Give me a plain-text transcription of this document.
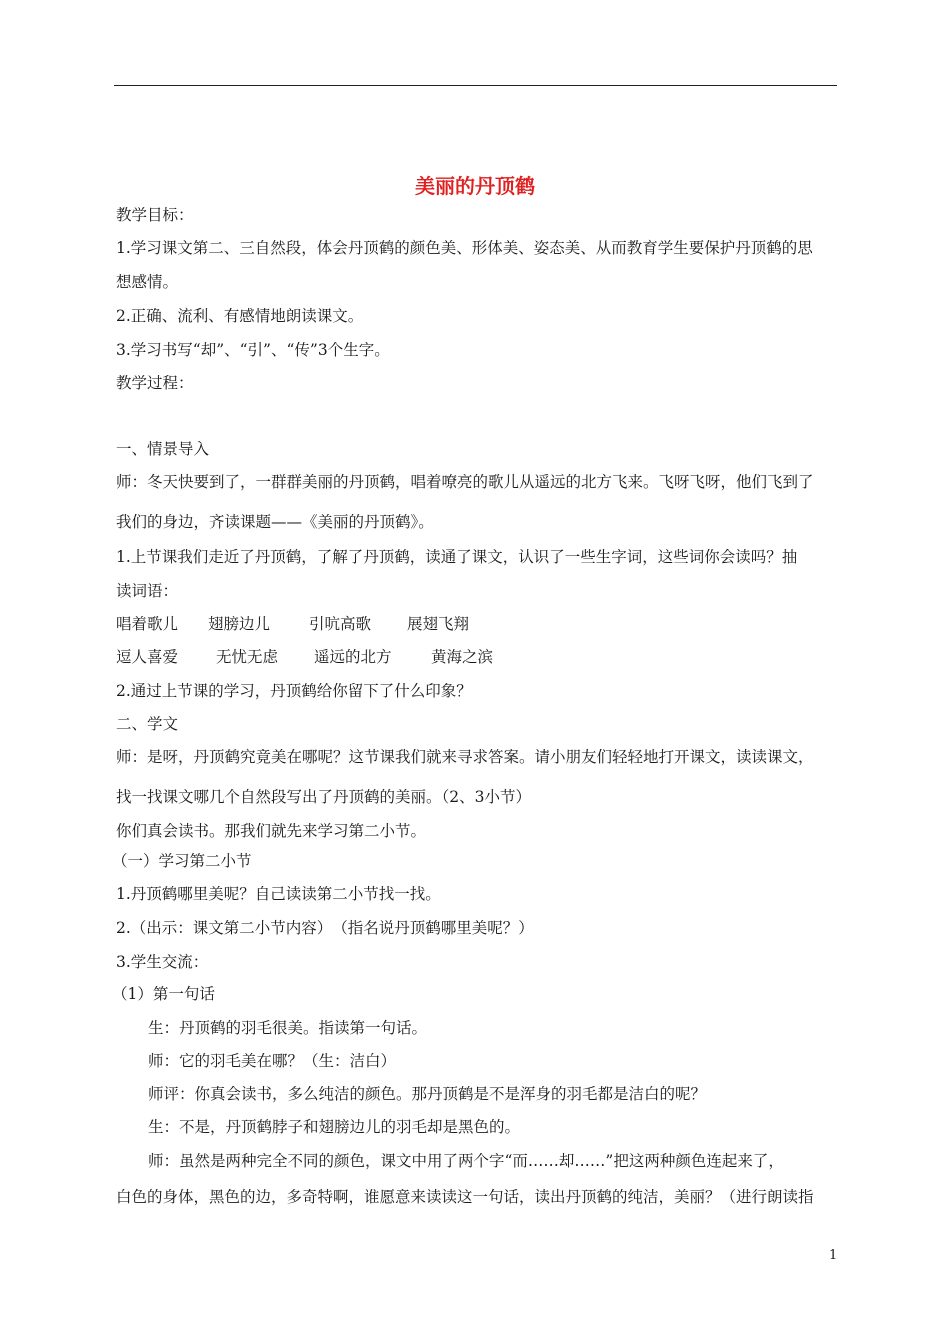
美丽的丹顶鹤
教学目标：
1.学习课文第二、三自然段，体会丹顶鹤的颜色美、形体美、姿态美、从而教育学生要保护丹顶鹤的思
想感情。
2.正确、流利、有感情地朗读课文。
3.学习书写“却”、“引”、“传”3个生字。
教学过程：
一、情景导入
师：冬天快要到了，一群群美丽的丹顶鹤，唱着嘹亮的歌儿从遥远的北方飞来。飞呀飞呀，他们飞到了
我们的身边，齐读课题——《美丽的丹顶鹤》。
1.上节课我们走近了丹顶鹤，了解了丹顶鹤，读通了课文，认识了一些生字词，这些词你会读吗？抽
读词语：
唱着歌儿 翅膀边儿	引吭高歌 展翅飞翔
逗人喜爱 无忧无虑 遥远的北方	黄海之滨
2.通过上节课的学习，丹顶鹤给你留下了什么印象？
二、学文
师：是呀，丹顶鹤究竟美在哪呢？这节课我们就来寻求答案。请小朋友们轻轻地打开课文，读读课文，
找一找课文哪几个自然段写出了丹顶鹤的美丽。（2、3小节）
你们真会读书。那我们就先来学习第二小节。
（一）学习第二小节
1.丹顶鹤哪里美呢？自己读读第二小节找一找。
2.（出示：课文第二小节内容）　（指名说丹顶鹤哪里美呢？）
3.学生交流：
（1）第一句话
生：丹顶鹤的羽毛很美。指读第一句话。
师：它的羽毛美在哪？（生：洁白）
师评：你真会读书，多么纯洁的颜色。那丹顶鹤是不是浑身的羽毛都是洁白的呢？
生：不是，丹顶鹤脖子和翅膀边儿的羽毛却是黑色的。
师：虽然是两种完全不同的颜色，课文中用了两个字“而……却……”把这两种颜色连起来了，
白色的身体，黑色的边，多奇特啊，谁愿意来读读这一句话，读出丹顶鹤的纯洁，美丽？（进行朗读指
1
